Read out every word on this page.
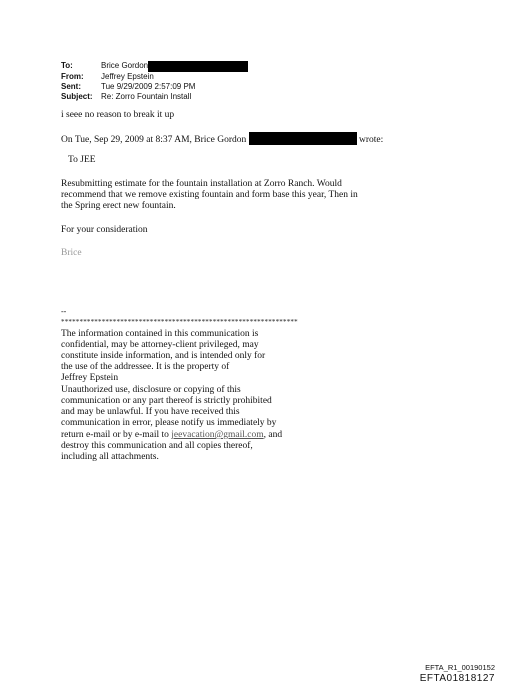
To:	Brice Gordon
From:	Jeffrey Epstein
Sent:	Tue 9/29/2009 2:57:09 PM
Subject:	Re: Zorro Fountain Install
i seee no reason to break it up
On Tue, Sep 29, 2009 at 8:37 AM, Brice Gordon	wrote:
To JEE
Resubmitting estimate for the fountain installation at Zorro Ranch. Would
recommend that we remove existing fountain and form base this year, Then in
the Spring erect new fountain.
For your consideration
Brice
--
****************************************************************
The information contained in this communication is
confidential, may be attorney-client privileged, may
constitute inside information, and is intended only for
the use of the addressee. It is the property of
Jeffrey Epstein
Unauthorized use, disclosure or copying of this
communication or any part thereof is strictly prohibited
and may be unlawful. If you have received this
communication in error, please notify us immediately by
return e-mail or by e-mail to jeevacation@gmail.com, and
destroy this communication and all copies thereof,
including all attachments.
EFTA_R1_00190152
EFTA01818127
